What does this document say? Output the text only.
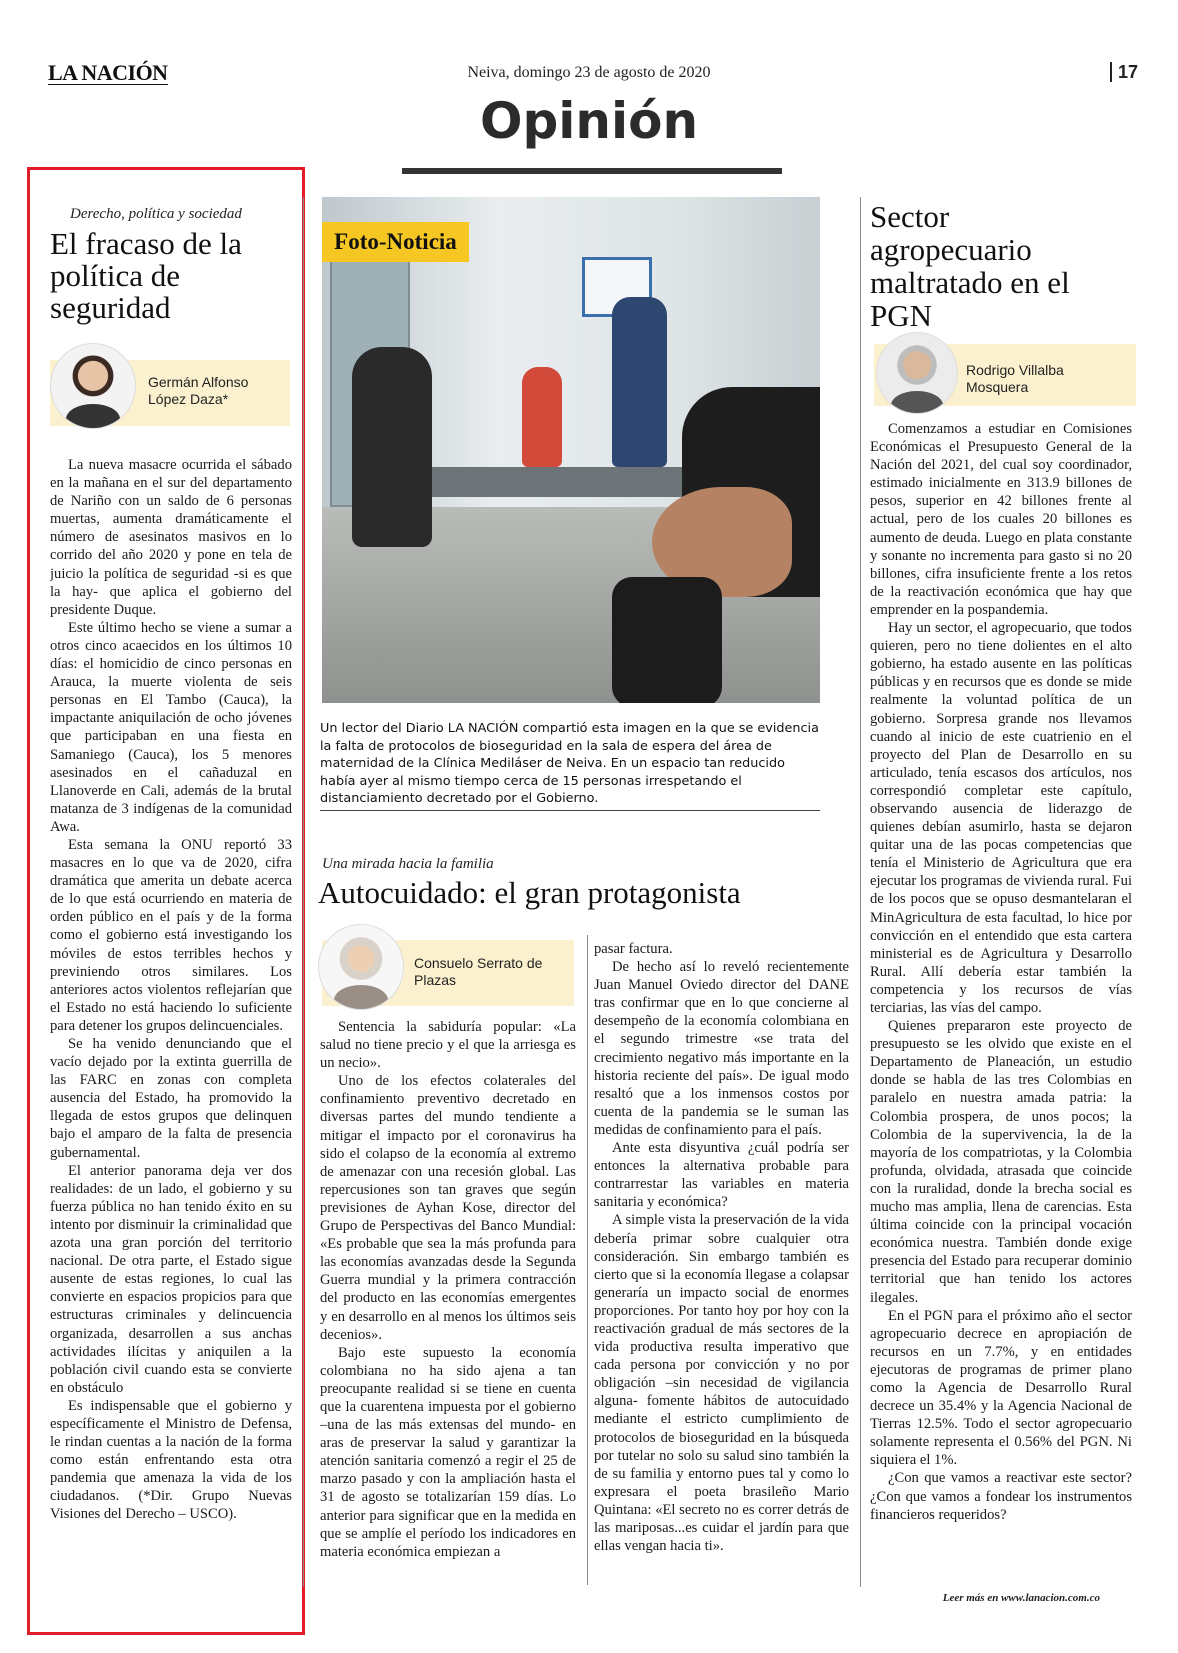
LA NACIÓN	Neiva, domingo 23 de agosto de 2020	17
Opinión
Derecho, política y sociedad
El fracaso de la política de seguridad
Germán Alfonso López Daza*

La nueva masacre ocurrida el sábado en la mañana en el sur del departamento de Nariño con un saldo de 6 personas muertas, aumenta dramáticamente el número de asesinatos masivos en lo corrido del año 2020 y pone en tela de juicio la política de seguridad -si es que la hay- que aplica el gobierno del presidente Duque.

Este último hecho se viene a sumar a otros cinco acaecidos en los últimos 10 días: el homicidio de cinco personas en Arauca, la muerte violenta de seis personas en El Tambo (Cauca), la impactante aniquilación de ocho jóvenes que participaban en una fiesta en Samaniego (Cauca), los 5 menores asesinados en el cañaduzal en Llanoverde en Cali, además de la brutal matanza de 3 indígenas de la comunidad Awa.

Esta semana la ONU reportó 33 masacres en lo que va de 2020, cifra dramática que amerita un debate acerca de lo que está ocurriendo en materia de orden público en el país y de la forma como el gobierno está investigando los móviles de estos terribles hechos y previniendo otros similares. Los anteriores actos violentos reflejarían que el Estado no está haciendo lo suficiente para detener los grupos delincuenciales.

Se ha venido denunciando que el vacío dejado por la extinta guerrilla de las FARC en zonas con completa ausencia del Estado, ha promovido la llegada de estos grupos que delinquen bajo el amparo de la falta de presencia gubernamental.

El anterior panorama deja ver dos realidades: de un lado, el gobierno y su fuerza pública no han tenido éxito en su intento por disminuir la criminalidad que azota una gran porción del territorio nacional. De otra parte, el Estado sigue ausente de estas regiones, lo cual las convierte en espacios propicios para que estructuras criminales y delincuencia organizada, desarrollen a sus anchas actividades ilícitas y aniquilen a la población civil cuando esta se convierte en obstáculo

Es indispensable que el gobierno y específicamente el Ministro de Defensa, le rindan cuentas a la nación de la forma como están enfrentando esta otra pandemia que amenaza la vida de los ciudadanos. (*Dir. Grupo Nuevas Visiones del Derecho – USCO).

Foto-Noticia
Un lector del Diario LA NACIÓN compartió esta imagen en la que se evidencia la falta de protocolos de bioseguridad en la sala de espera del área de maternidad de la Clínica Mediláser de Neiva. En un espacio tan reducido había ayer al mismo tiempo cerca de 15 personas irrespetando el distanciamiento decretado por el Gobierno.
Una mirada hacia la familia
Autocuidado: el gran protagonista
Consuelo Serrato de Plazas

Sentencia la sabiduría popular: «La salud no tiene precio y el que la arriesga es un necio».

Uno de los efectos colaterales del confinamiento preventivo decretado en diversas partes del mundo tendiente a mitigar el impacto por el coronavirus ha sido el colapso de la economía al extremo de amenazar con una recesión global. Las repercusiones son tan graves que según previsiones de Ayhan Kose, director del Grupo de Perspectivas del Banco Mundial: «Es probable que sea la más profunda para las economías avanzadas desde la Segunda Guerra mundial y la primera contracción del producto en las economías emergentes y en desarrollo en al menos los últimos seis decenios».

Bajo este supuesto la economía colombiana no ha sido ajena a tan preocupante realidad si se tiene en cuenta que la cuarentena impuesta por el gobierno –una de las más extensas del mundo- en aras de preservar la salud y garantizar la atención sanitaria comenzó a regir el 25 de marzo pasado y con la ampliación hasta el 31 de agosto se totalizarían 159 días. Lo anterior para significar que en la medida en que se amplíe el período los indicadores en materia económica empiezan a

pasar factura.

De hecho así lo reveló recientemente Juan Manuel Oviedo director del DANE tras confirmar que en lo que concierne al desempeño de la economía colombiana en el segundo trimestre «se trata del crecimiento negativo más importante en la historia reciente del país». De igual modo resaltó que a los inmensos costos por cuenta de la pandemia se le suman las medidas de confinamiento para el país.

Ante esta disyuntiva ¿cuál podría ser entonces la alternativa probable para contrarrestar las variables en materia sanitaria y económica?

A simple vista la preservación de la vida debería primar sobre cualquier otra consideración. Sin embargo también es cierto que si la economía llegase a colapsar generaría un impacto social de enormes proporciones. Por tanto hoy por hoy con la reactivación gradual de más sectores de la vida productiva resulta imperativo que cada persona por convicción y no por obligación –sin necesidad de vigilancia alguna- fomente hábitos de autocuidado mediante el estricto cumplimiento de protocolos de bioseguridad en la búsqueda por tutelar no solo su salud sino también la de su familia y entorno pues tal y como lo expresara el poeta brasileño Mario Quintana: «El secreto no es correr detrás de las mariposas...es cuidar el jardín para que ellas vengan hacia ti».

Sector agropecuario maltratado en el PGN
Rodrigo Villalba Mosquera

Comenzamos a estudiar en Comisiones Económicas el Presupuesto General de la Nación del 2021, del cual soy coordinador, estimado inicialmente en 313.9 billones de pesos, superior en 42 billones frente al actual, pero de los cuales 20 billones es aumento de deuda. Luego en plata constante y sonante no incrementa para gasto si no 20 billones, cifra insuficiente frente a los retos de la reactivación económica que hay que emprender en la pospandemia.

Hay un sector, el agropecuario, que todos quieren, pero no tiene dolientes en el alto gobierno, ha estado ausente en las políticas públicas y en recursos que es donde se mide realmente la voluntad política de un gobierno. Sorpresa grande nos llevamos cuando al inicio de este cuatrienio en el proyecto del Plan de Desarrollo en su articulado, tenía escasos dos artículos, nos correspondió completar este capítulo, observando ausencia de liderazgo de quienes debían asumirlo, hasta se dejaron quitar una de las pocas competencias que tenía el Ministerio de Agricultura que era ejecutar los programas de vivienda rural. Fui de los pocos que se opuso desmantelaran el MinAgricultura de esta facultad, lo hice por convicción en el entendido que esta cartera ministerial es de Agricultura y Desarrollo Rural. Allí debería estar también la competencia y los recursos de vías terciarias, las vías del campo.

Quienes prepararon este proyecto de presupuesto se les olvido que existe en el Departamento de Planeación, un estudio donde se habla de las tres Colombias en paralelo en nuestra amada patria: la Colombia prospera, de unos pocos; la Colombia de la supervivencia, la de la mayoría de los compatriotas, y la Colombia profunda, olvidada, atrasada que coincide con la ruralidad, donde la brecha social es mucho mas amplia, llena de carencias. Esta última coincide con la principal vocación económica nuestra. También donde exige presencia del Estado para recuperar dominio territorial que han tenido los actores ilegales.

En el PGN para el próximo año el sector agropecuario decrece en apropiación de recursos en un 7.7%, y en entidades ejecutoras de programas de primer plano como la Agencia de Desarrollo Rural decrece un 35.4% y la Agencia Nacional de Tierras 12.5%. Todo el sector agropecuario solamente representa el 0.56% del PGN. Ni siquiera el 1%.

¿Con que vamos a reactivar este sector? ¿Con que vamos a fondear los instrumentos financieros requeridos?

Leer más en www.lanacion.com.co
